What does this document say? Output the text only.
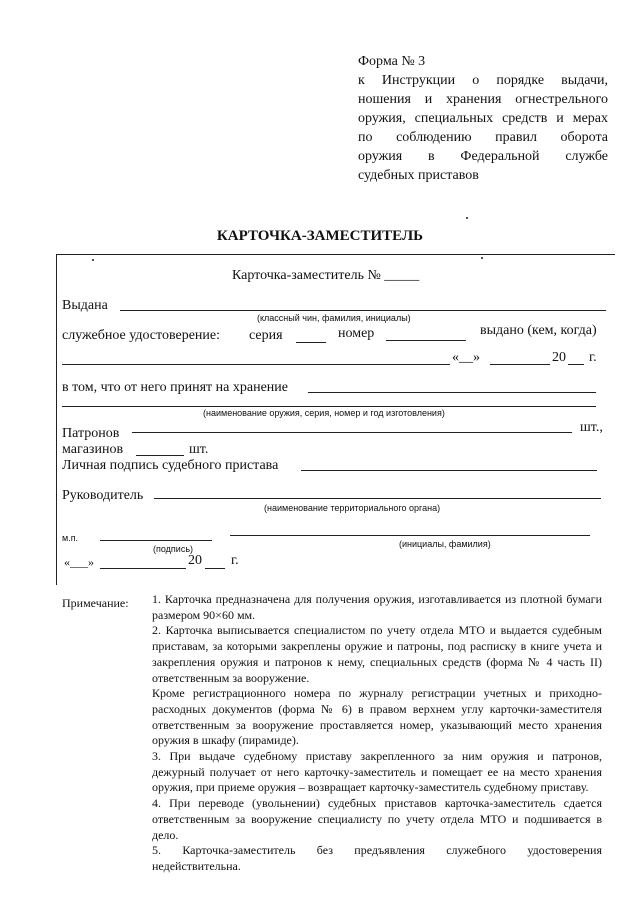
Форма № 3
к Инструкции о порядке выдачи,
ношения и хранения огнестрельного
оружия, специальных средств и мерах
по соблюдению правил оборота
оружия в Федеральной службе
судебных приставов
КАРТОЧКА-ЗАМЕСТИТЕЛЬ
Карточка-заместитель № _____
Выдана
(классный чин, фамилия, инициалы)
служебное удостоверение: серия	номер	выдано (кем, когда)
«__»	20 г.
в том, что от него принят на хранение
(наименование оружия, серия, номер и год изготовления)
Патронов	шт.,
магазинов	шт.
Личная подпись судебного пристава
Руководитель
(наименование территориального органа)
м.п.
(подпись)	(инициалы, фамилия)
«___»	20 г.
Примечание: 1. Карточка предназначена для получения оружия, изготавливается из плотной бумаги размером 90×60 мм.

2. Карточка выписывается специалистом по учету отдела МТО и выдается судебным приставам, за которыми закреплены оружие и патроны, под расписку в книге учета и закрепления оружия и патронов к нему, специальных средств (форма № 4 часть II) ответственным за вооружение.

Кроме регистрационного номера по журналу регистрации учетных и приходно-расходных документов (форма № 6) в правом верхнем углу карточки-заместителя ответственным за вооружение проставляется номер, указывающий место хранения оружия в шкафу (пирамиде).

3. При выдаче судебному приставу закрепленного за ним оружия и патронов, дежурный получает от него карточку-заместитель и помещает ее на место хранения оружия, при приеме оружия – возвращает карточку-заместитель судебному приставу.

4. При переводе (увольнении) судебных приставов карточка-заместитель сдается ответственным за вооружение специалисту по учету отдела МТО и подшивается в дело.

5. Карточка-заместитель без предъявления служебного удостоверения недействительна.
